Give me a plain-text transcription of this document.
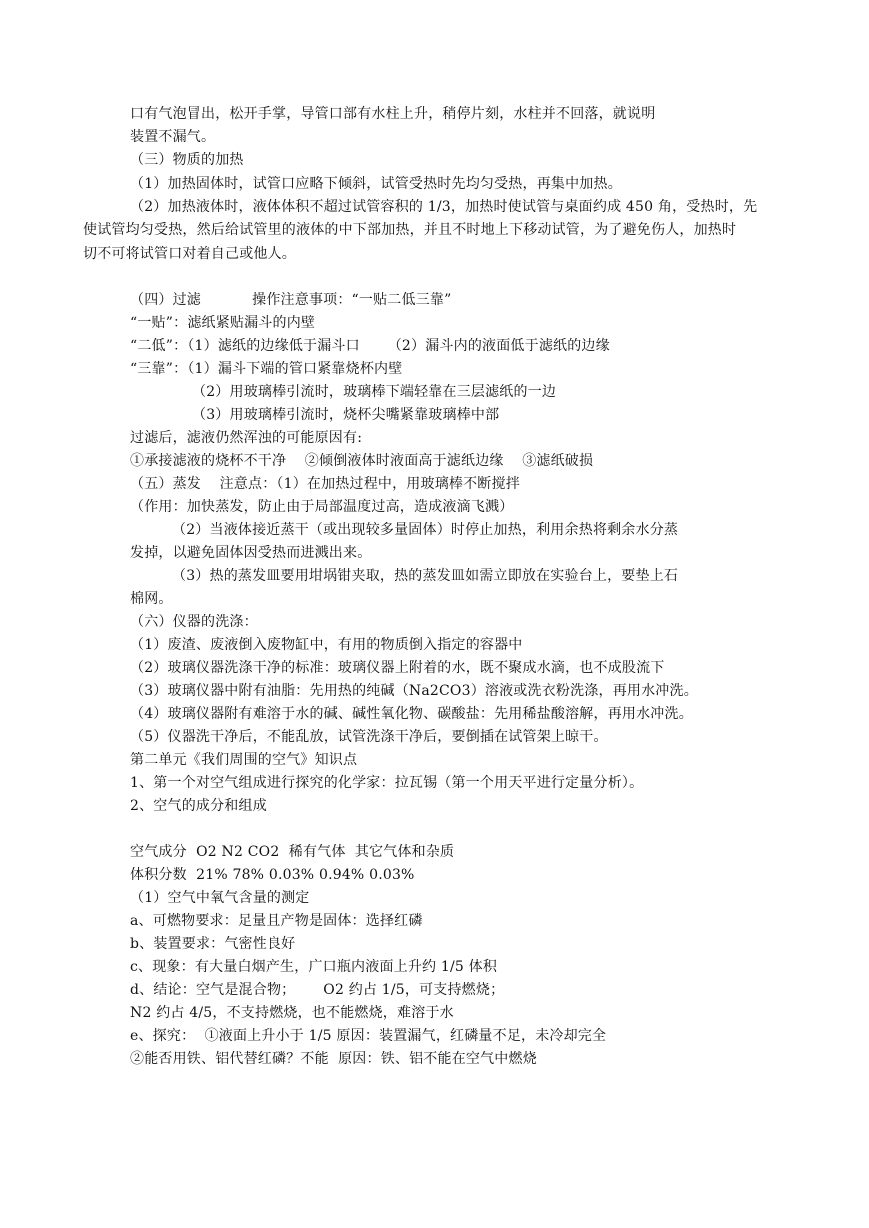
口有气泡冒出，松开手掌，导管口部有水柱上升，稍停片刻，水柱并不回落，就说明
装置不漏气。
（三）物质的加热
（1）加热固体时，试管口应略下倾斜，试管受热时先均匀受热，再集中加热。
（2）加热液体时，液体体积不超过试管容积的 1/3，加热时使试管与桌面约成 450 角，受热时，先
使试管均匀受热，然后给试管里的液体的中下部加热，并且不时地上下移动试管，为了避免伤人，加热时
切不可将试管口对着自己或他人。
（四）过滤           操作注意事项：“一贴二低三靠”
“一贴”：滤纸紧贴漏斗的内壁
“二低”：（1）滤纸的边缘低于漏斗口      （2）漏斗内的液面低于滤纸的边缘
“三靠”：（1）漏斗下端的管口紧靠烧杯内壁
（2）用玻璃棒引流时，玻璃棒下端轻靠在三层滤纸的一边
（3）用玻璃棒引流时，烧杯尖嘴紧靠玻璃棒中部
过滤后，滤液仍然浑浊的可能原因有:
①承接滤液的烧杯不干净    ②倾倒液体时液面高于滤纸边缘    ③滤纸破损
（五）蒸发    注意点：（1）在加热过程中，用玻璃棒不断搅拌
（作用：加快蒸发，防止由于局部温度过高，造成液滴飞溅）
（2）当液体接近蒸干（或出现较多量固体）时停止加热，利用余热将剩余水分蒸
发掉，以避免固体因受热而进溅出来。
（3）热的蒸发皿要用坩埚钳夹取，热的蒸发皿如需立即放在实验台上，要垫上石
棉网。
（六）仪器的洗涤：
（1）废渣、废液倒入废物缸中，有用的物质倒入指定的容器中
（2）玻璃仪器洗涤干净的标准：玻璃仪器上附着的水，既不聚成水滴，也不成股流下
（3）玻璃仪器中附有油脂：先用热的纯碱（Na2CO3）溶液或洗衣粉洗涤，再用水冲洗。
（4）玻璃仪器附有难溶于水的碱、碱性氧化物、碳酸盐：先用稀盐酸溶解，再用水冲洗。
（5）仪器洗干净后，不能乱放，试管洗涤干净后，要倒插在试管架上晾干。
第二单元《我们周围的空气》知识点
1、第一个对空气组成进行探究的化学家：拉瓦锡（第一个用天平进行定量分析）。
2、空气的成分和组成
空气成分  O2 N2 CO2  稀有气体  其它气体和杂质
体积分数  21% 78% 0.03% 0.94% 0.03%
（1）空气中氧气含量的测定
a、可燃物要求：足量且产物是固体：选择红磷
b、装置要求：气密性良好
c、现象：有大量白烟产生，广口瓶内液面上升约 1/5 体积
d、结论：空气是混合物；      O2 约占 1/5，可支持燃烧；
N2 约占 4/5，不支持燃烧，也不能燃烧，难溶于水
e、探究：  ①液面上升小于 1/5 原因：装置漏气，红磷量不足，未冷却完全
②能否用铁、铝代替红磷？不能  原因：铁、铝不能在空气中燃烧
